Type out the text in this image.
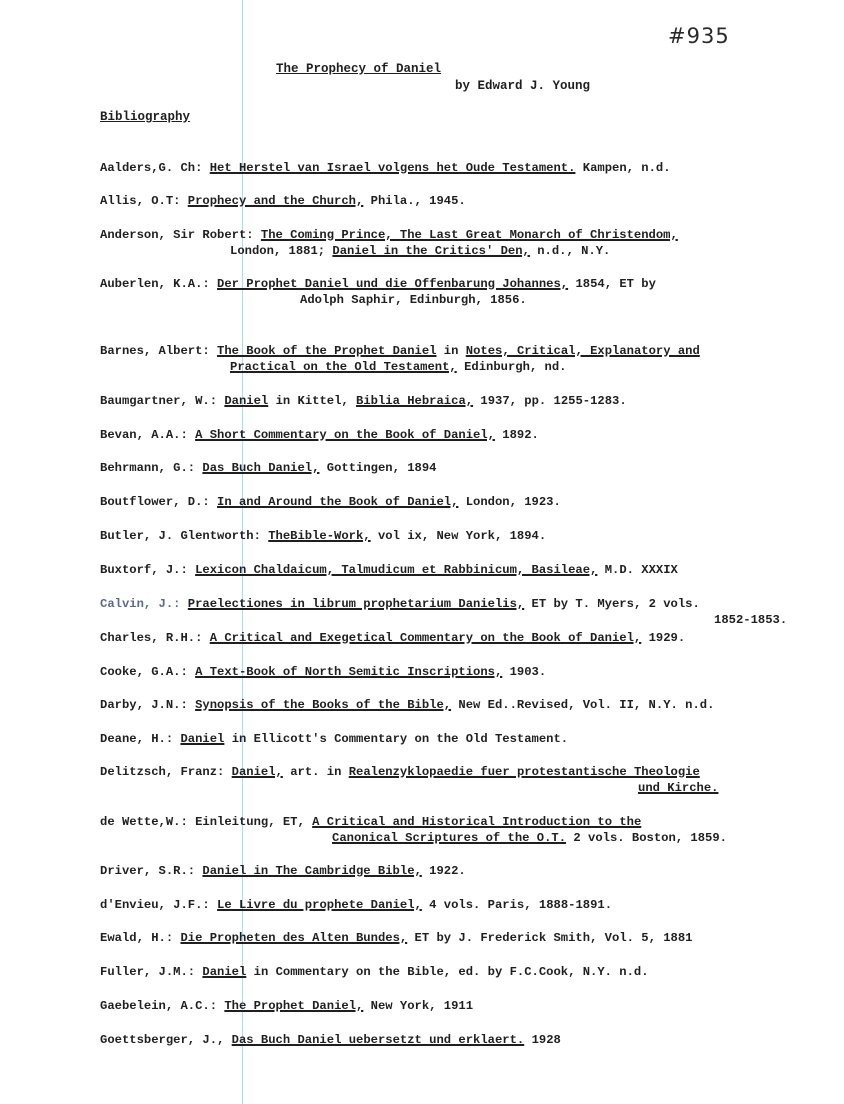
#935
The Prophecy of Daniel
by Edward J. Young
Bibliography
Aalders,G. Ch: Het Herstel van Israel volgens het Oude Testament. Kampen, n.d.
Allis, O.T: Prophecy and the Church, Phila., 1945.
Anderson, Sir Robert: The Coming Prince, The Last Great Monarch of Christendom,
London, 1881; Daniel in the Critics' Den, n.d., N.Y.
Auberlen, K.A.: Der Prophet Daniel und die Offenbarung Johannes, 1854, ET by
Adolph Saphir, Edinburgh, 1856.
Barnes, Albert: The Book of the Prophet Daniel in Notes, Critical, Explanatory and
Practical on the Old Testament, Edinburgh, nd.
Baumgartner, W.: Daniel in Kittel, Biblia Hebraica, 1937, pp. 1255-1283.
Bevan, A.A.: A Short Commentary on the Book of Daniel, 1892.
Behrmann, G.: Das Buch Daniel, Gottingen, 1894
Boutflower, D.: In and Around the Book of Daniel, London, 1923.
Butler, J. Glentworth: TheBible-Work, vol ix, New York, 1894.
Buxtorf, J.: Lexicon Chaldaicum, Talmudicum et Rabbinicum, Basileae, M.D. XXXIX
Calvin, J.: Praelectiones in librum prophetarium Danielis, ET by T. Myers, 2 vols.
1852-1853.
Charles, R.H.: A Critical and Exegetical Commentary on the Book of Daniel, 1929.
Cooke, G.A.: A Text-Book of North Semitic Inscriptions, 1903.
Darby, J.N.: Synopsis of the Books of the Bible, New Ed..Revised, Vol. II, N.Y. n.d.
Deane, H.: Daniel in Ellicott's Commentary on the Old Testament.
Delitzsch, Franz: Daniel, art. in Realenzyklopaedie fuer protestantische Theologie
und Kirche.
de Wette,W.: Einleitung, ET, A Critical and Historical Introduction to the
Canonical Scriptures of the O.T. 2 vols. Boston, 1859.
Driver, S.R.: Daniel in The Cambridge Bible, 1922.
d'Envieu, J.F.: Le Livre du prophete Daniel, 4 vols. Paris, 1888-1891.
Ewald, H.: Die Propheten des Alten Bundes, ET by J. Frederick Smith, Vol. 5, 1881
Fuller, J.M.: Daniel in Commentary on the Bible, ed. by F.C.Cook, N.Y. n.d.
Gaebelein, A.C.: The Prophet Daniel, New York, 1911
Goettsberger, J., Das Buch Daniel uebersetzt und erklaert. 1928
